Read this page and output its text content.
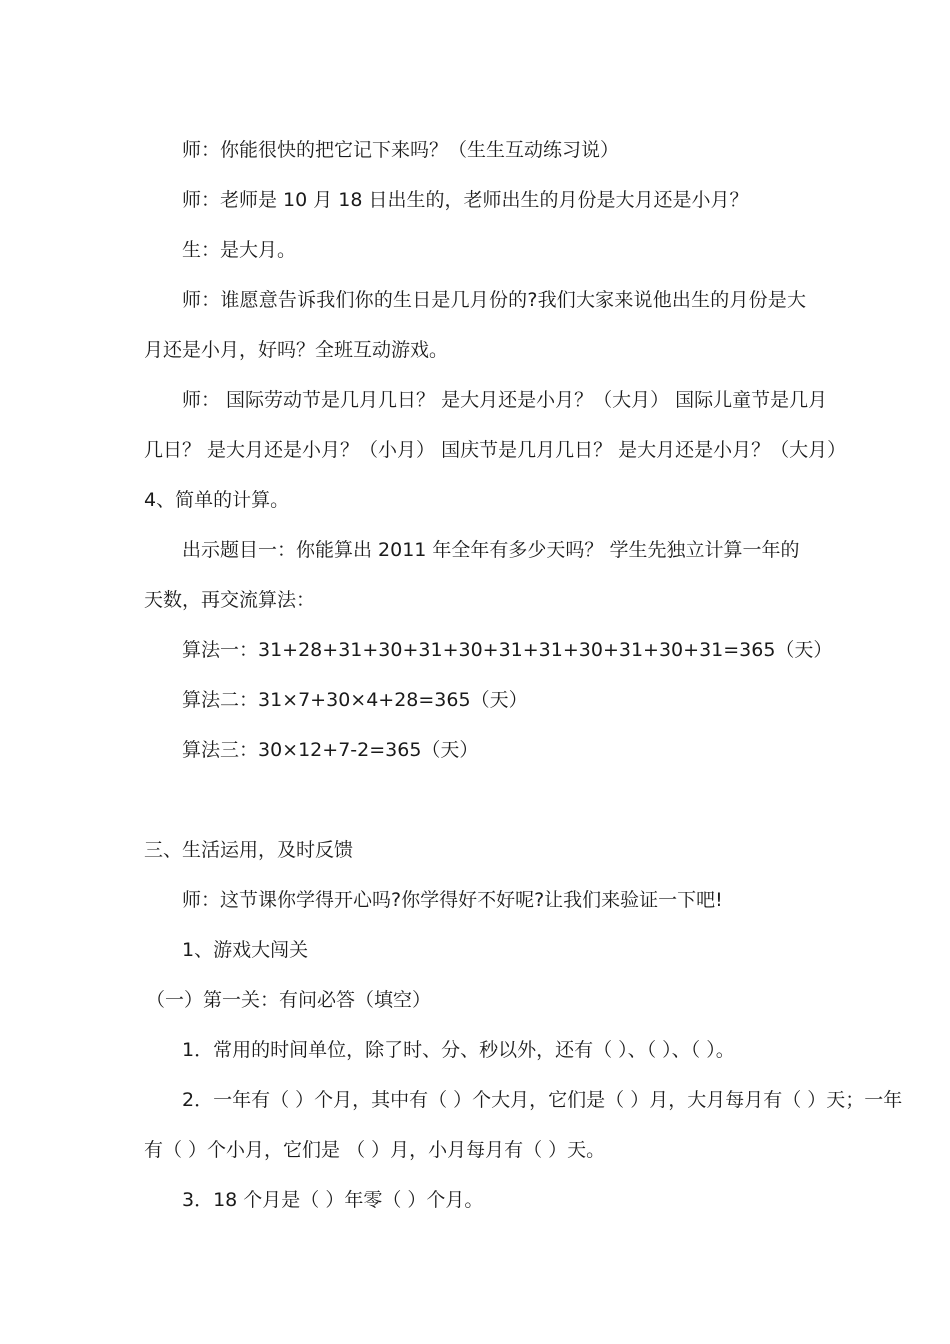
师：你能很快的把它记下来吗？（生生互动练习说）
师：老师是 10 月 18 日出生的，老师出生的月份是大月还是小月？
生：是大月。
师：谁愿意告诉我们你的生日是几月份的?我们大家来说他出生的月份是大
月还是小月，好吗？全班互动游戏。
师： 国际劳动节是几月几日？ 是大月还是小月？（大月） 国际儿童节是几月
几日？ 是大月还是小月？（小月） 国庆节是几月几日？ 是大月还是小月？（大月）
4、简单的计算。
出示题目一：你能算出 2011 年全年有多少天吗？ 学生先独立计算一年的
天数，再交流算法：
算法一：31+28+31+30+31+30+31+31+30+31+30+31=365（天）
算法二：31×7+30×4+28=365（天）
算法三：30×12+7-2=365（天）
三、生活运用，及时反馈
师：这节课你学得开心吗?你学得好不好呢?让我们来验证一下吧!
1、游戏大闯关
（一）第一关：有问必答（填空）
1．常用的时间单位，除了时、分、秒以外，还有（ ）、（ ）、（ ）。
2．一年有（ ）个月，其中有（ ）个大月，它们是（ ）月，大月每月有（ ）天；一年
有（ ）个小月，它们是 （ ）月，小月每月有（ ）天。
3．18 个月是（ ）年零（ ）个月。
